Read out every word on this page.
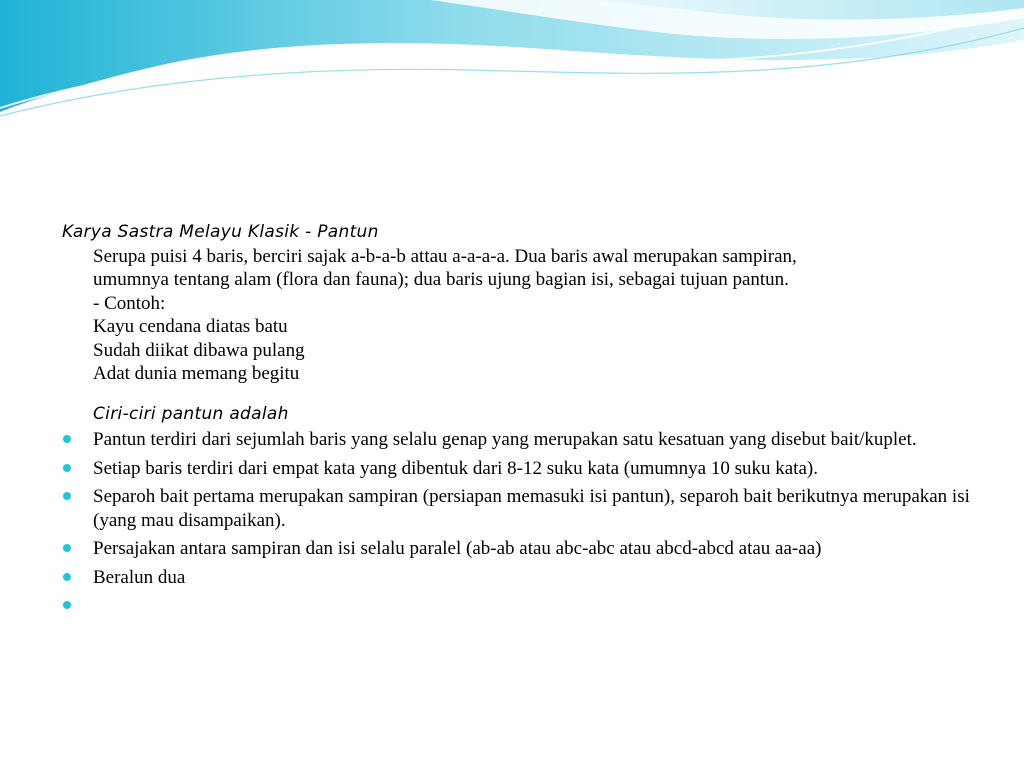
Karya Sastra Melayu Klasik - Pantun
Serupa puisi 4 baris, berciri sajak a-b-a-b attau a-a-a-a. Dua baris awal merupakan sampiran,
umumnya tentang alam (flora dan fauna); dua baris ujung bagian isi, sebagai tujuan pantun.
- Contoh:
Kayu cendana diatas batu
Sudah diikat dibawa pulang
Adat dunia memang begitu
Ciri-ciri pantun adalah
Pantun terdiri dari sejumlah baris yang selalu genap yang merupakan satu kesatuan yang disebut bait/kuplet.
Setiap baris terdiri dari empat kata yang dibentuk dari 8-12 suku kata (umumnya 10 suku kata).
Separoh bait pertama merupakan sampiran (persiapan memasuki isi pantun), separoh bait berikutnya merupakan isi (yang mau disampaikan).
Persajakan antara sampiran dan isi selalu paralel (ab-ab atau abc-abc atau abcd-abcd atau aa-aa)
Beralun dua
